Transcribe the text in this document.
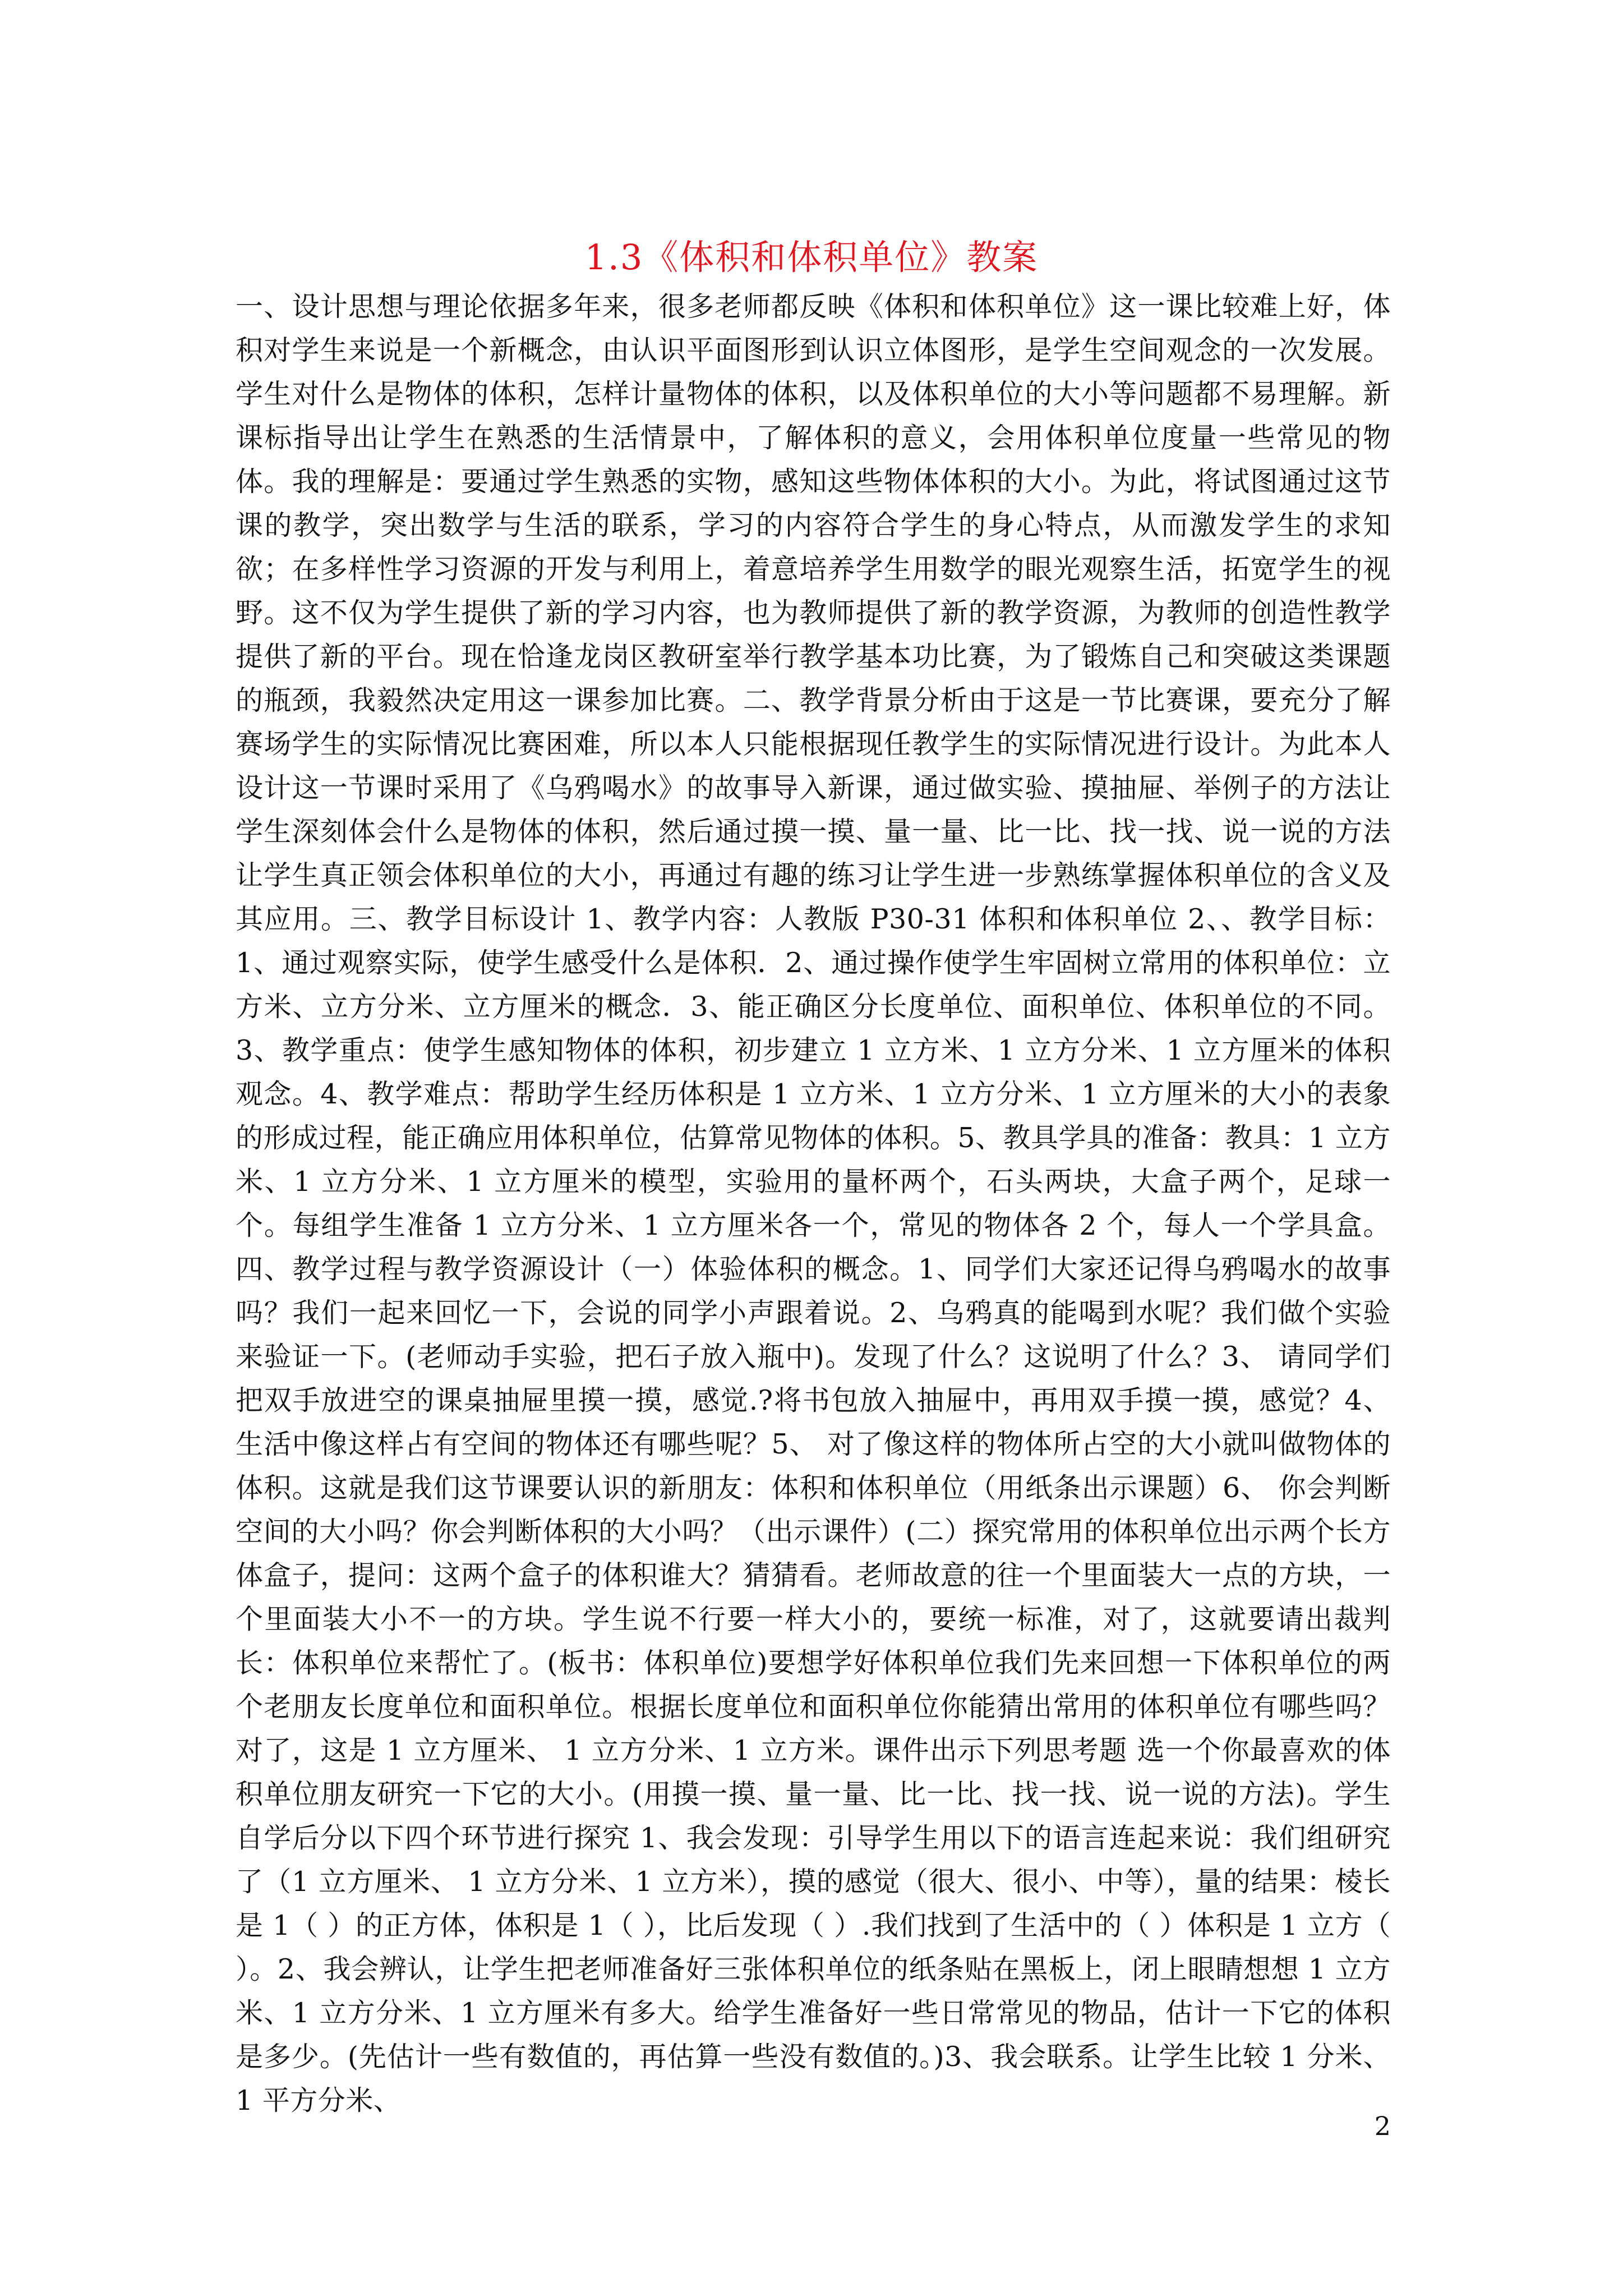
1.3《体积和体积单位》教案
一、设计思想与理论依据多年来，很多老师都反映《体积和体积单位》这一课比较难上好，体积对学生来说是一个新概念，由认识平面图形到认识立体图形，是学生空间观念的一次发展。学生对什么是物体的体积，怎样计量物体的体积，以及体积单位的大小等问题都不易理解。新课标指导出让学生在熟悉的生活情景中，了解体积的意义，会用体积单位度量一些常见的物体。我的理解是：要通过学生熟悉的实物，感知这些物体体积的大小。为此，将试图通过这节课的教学，突出数学与生活的联系，学习的内容符合学生的身心特点，从而激发学生的求知欲；在多样性学习资源的开发与利用上，着意培养学生用数学的眼光观察生活，拓宽学生的视野。这不仅为学生提供了新的学习内容，也为教师提供了新的教学资源，为教师的创造性教学提供了新的平台。现在恰逢龙岗区教研室举行教学基本功比赛，为了锻炼自己和突破这类课题的瓶颈，我毅然决定用这一课参加比赛。二、教学背景分析由于这是一节比赛课，要充分了解赛场学生的实际情况比赛困难，所以本人只能根据现任教学生的实际情况进行设计。为此本人设计这一节课时采用了《乌鸦喝水》的故事导入新课，通过做实验、摸抽屉、举例子的方法让学生深刻体会什么是物体的体积，然后通过摸一摸、量一量、比一比、找一找、说一说的方法让学生真正领会体积单位的大小，再通过有趣的练习让学生进一步熟练掌握体积单位的含义及其应用。三、教学目标设计 1、教学内容：人教版 P30-31 体积和体积单位 2、、教学目标：1、通过观察实际，使学生感受什么是体积．2、通过操作使学生牢固树立常用的体积单位：立方米、立方分米、立方厘米的概念．3、能正确区分长度单位、面积单位、体积单位的不同。3、教学重点：使学生感知物体的体积，初步建立 1 立方米、1 立方分米、1 立方厘米的体积观念。4、教学难点：帮助学生经历体积是 1 立方米、1 立方分米、1 立方厘米的大小的表象的形成过程，能正确应用体积单位，估算常见物体的体积。5、教具学具的准备：教具：1 立方米、1 立方分米、1 立方厘米的模型，实验用的量杯两个，石头两块，大盒子两个，足球一个。每组学生准备 1 立方分米、1 立方厘米各一个，常见的物体各 2 个，每人一个学具盒。四、教学过程与教学资源设计（一）体验体积的概念。1、同学们大家还记得乌鸦喝水的故事吗？我们一起来回忆一下，会说的同学小声跟着说。2、乌鸦真的能喝到水呢？我们做个实验来验证一下。(老师动手实验，把石子放入瓶中)。发现了什么？这说明了什么？3、 请同学们把双手放进空的课桌抽屉里摸一摸，感觉.?将书包放入抽屉中，再用双手摸一摸，感觉？4、 生活中像这样占有空间的物体还有哪些呢？5、 对了像这样的物体所占空的大小就叫做物体的体积。这就是我们这节课要认识的新朋友：体积和体积单位（用纸条出示课题）6、 你会判断空间的大小吗？你会判断体积的大小吗？（出示课件）(二）探究常用的体积单位出示两个长方体盒子，提问：这两个盒子的体积谁大？猜猜看。老师故意的往一个里面装大一点的方块，一个里面装大小不一的方块。学生说不行要一样大小的，要统一标准，对了，这就要请出裁判长：体积单位来帮忙了。(板书：体积单位)要想学好体积单位我们先来回想一下体积单位的两个老朋友长度单位和面积单位。根据长度单位和面积单位你能猜出常用的体积单位有哪些吗？对了，这是 1 立方厘米、 1 立方分米、1 立方米。课件出示下列思考题 选一个你最喜欢的体积单位朋友研究一下它的大小。(用摸一摸、量一量、比一比、找一找、说一说的方法)。学生自学后分以下四个环节进行探究 1、我会发现：引导学生用以下的语言连起来说：我们组研究了（1 立方厘米、 1 立方分米、1 立方米），摸的感觉（很大、很小、中等），量的结果：棱长是 1（ ）的正方体，体积是 1（ ），比后发现（ ）.我们找到了生活中的（ ）体积是 1 立方（ ）。2、我会辨认，让学生把老师准备好三张体积单位的纸条贴在黑板上，闭上眼睛想想 1 立方米、1 立方分米、1 立方厘米有多大。给学生准备好一些日常常见的物品，估计一下它的体积是多少。(先估计一些有数值的，再估算一些没有数值的。)3、我会联系。让学生比较 1 分米、1 平方分米、
2
